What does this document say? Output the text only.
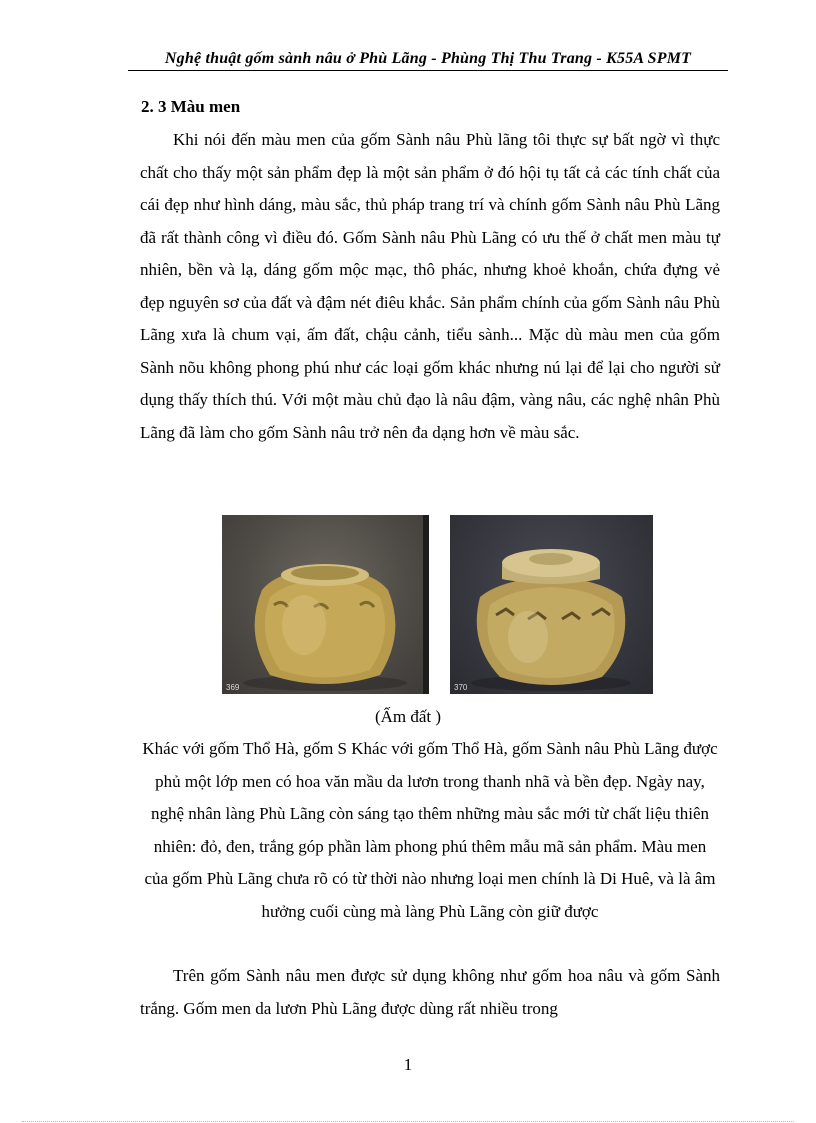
Nghệ thuật gốm sành nâu ở Phù Lãng - Phùng Thị Thu Trang - K55A SPMT
2. 3 Màu men
Khi nói đến màu men của gốm Sành nâu Phù lãng tôi thực sự bất ngờ vì thực chất cho thấy một sản phẩm đẹp là một sản phẩm ở đó hội tụ tất cả các tính chất của cái đẹp như hình dáng, màu sắc, thủ pháp trang trí và chính gốm Sành nâu Phù Lãng đã rất thành công vì điều đó. Gốm Sành nâu Phù Lãng có ưu thế ở chất men màu tự nhiên, bền và lạ, dáng gốm mộc mạc, thô phác, nhưng khoẻ khoắn, chứa đựng vẻ đẹp nguyên sơ của đất và đậm nét điêu khắc. Sản phẩm chính của gốm Sành nâu Phù Lãng xưa là chum vại, ấm đất, chậu cảnh, tiểu sành... Mặc dù màu men của gốm Sành nõu không phong phú như các loại gốm khác nhưng nú lại để lại cho người sử dụng thấy thích thú. Với một màu chủ đạo là nâu đậm, vàng nâu, các nghệ nhân Phù Lãng đã làm cho gốm Sành nâu trở nên đa dạng hơn về màu sắc.
369	370
(Ấm đất )
Khác với gốm Thổ Hà, gốm S Khác với gốm Thổ Hà, gốm Sành nâu Phù Lãng được phủ một lớp men có hoa văn mầu da lươn trong thanh nhã và bền đẹp. Ngày nay, nghệ nhân làng Phù Lãng còn sáng tạo thêm những màu sắc mới từ chất liệu thiên nhiên: đỏ, đen, trắng góp phần làm phong phú thêm mẫu mã sản phẩm. Màu men của gốm Phù Lãng chưa rõ có từ thời nào nhưng loại men chính là Di Huê, và là âm hưởng cuối cùng mà làng Phù Lãng còn giữ được
Trên gốm Sành nâu men được sử dụng không như gốm hoa nâu và gốm Sành trắng. Gốm men da lươn Phù Lãng được dùng rất nhiều trong
1
